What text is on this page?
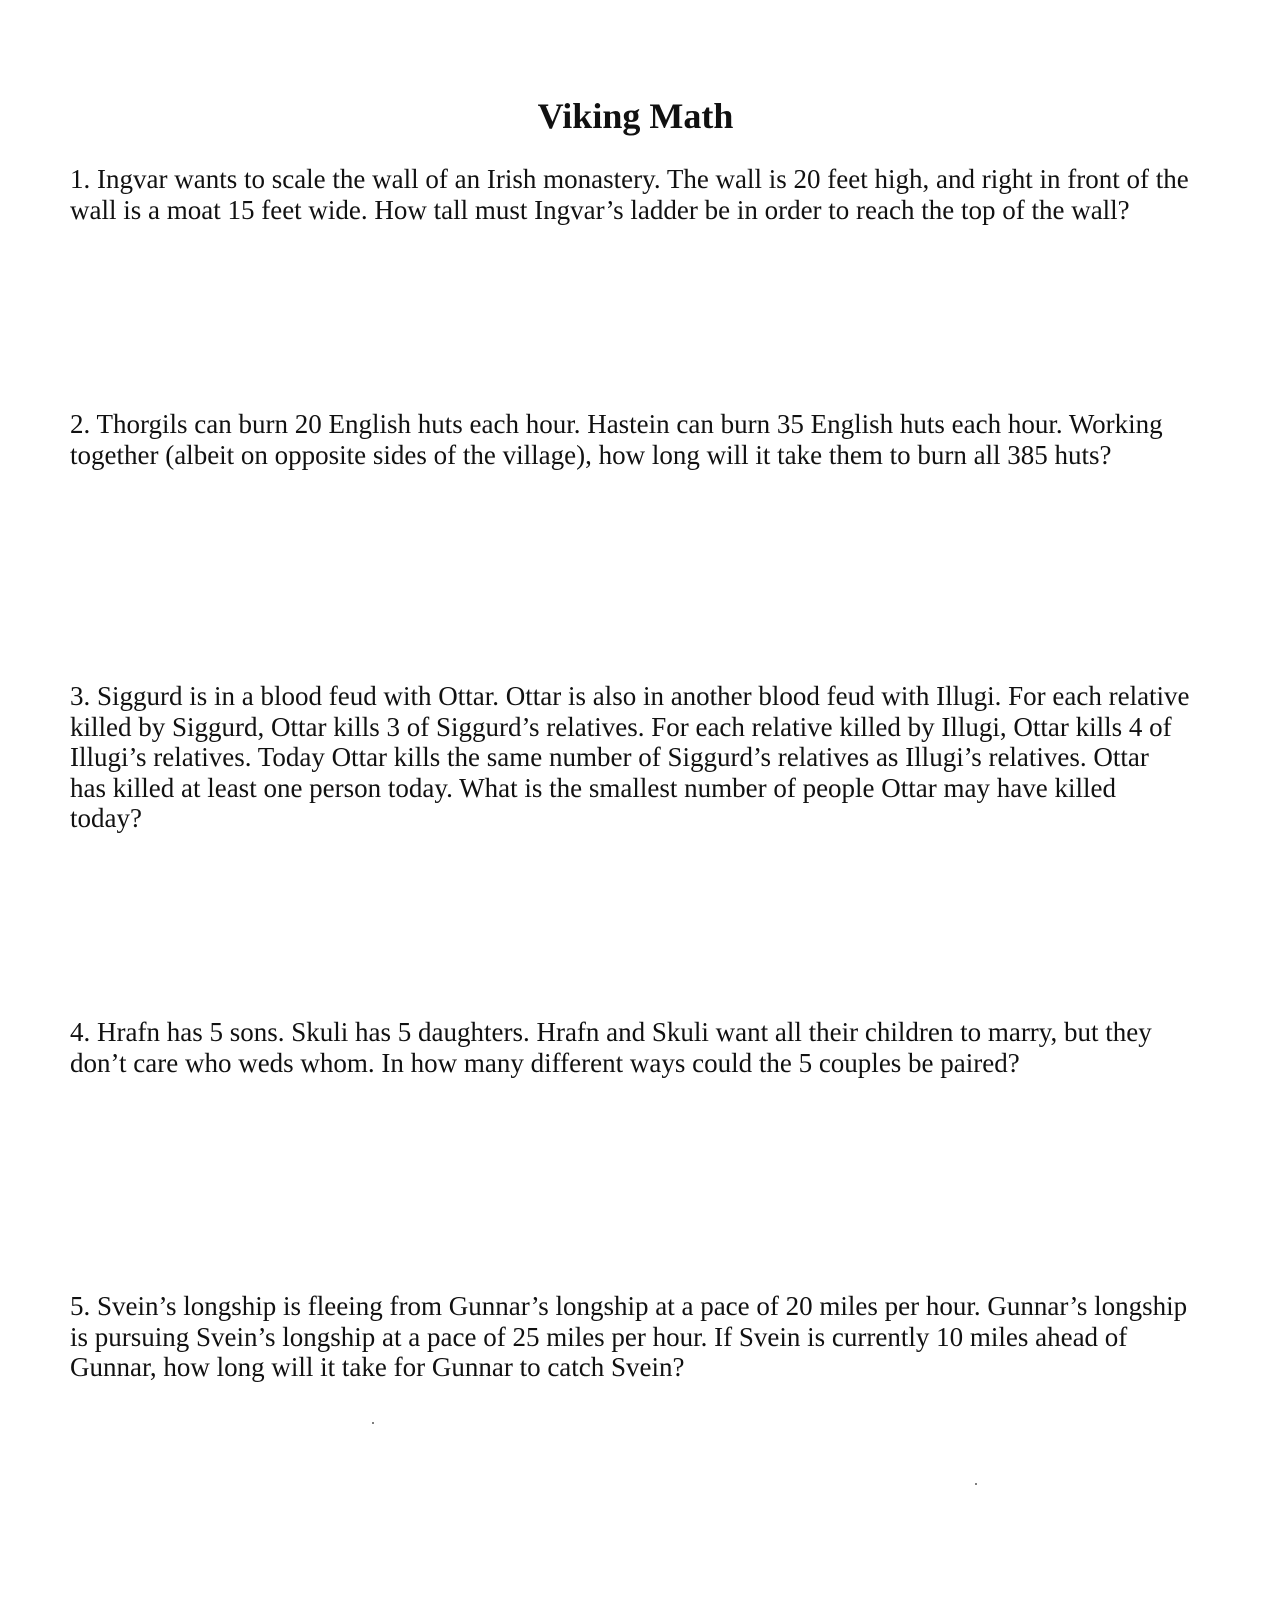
Viking Math
1. Ingvar wants to scale the wall of an Irish monastery. The wall is 20 feet high, and right in front of the
wall is a moat 15 feet wide. How tall must Ingvar’s ladder be in order to reach the top of the wall?
2. Thorgils can burn 20 English huts each hour. Hastein can burn 35 English huts each hour. Working
together (albeit on opposite sides of the village), how long will it take them to burn all 385 huts?
3. Siggurd is in a blood feud with Ottar. Ottar is also in another blood feud with Illugi. For each relative
killed by Siggurd, Ottar kills 3 of Siggurd’s relatives. For each relative killed by Illugi, Ottar kills 4 of
Illugi’s relatives. Today Ottar kills the same number of Siggurd’s relatives as Illugi’s relatives. Ottar
has killed at least one person today. What is the smallest number of people Ottar may have killed
today?
4. Hrafn has 5 sons. Skuli has 5 daughters. Hrafn and Skuli want all their children to marry, but they
don’t care who weds whom. In how many different ways could the 5 couples be paired?
5. Svein’s longship is fleeing from Gunnar’s longship at a pace of 20 miles per hour. Gunnar’s longship
is pursuing Svein’s longship at a pace of 25 miles per hour. If Svein is currently 10 miles ahead of
Gunnar, how long will it take for Gunnar to catch Svein?
